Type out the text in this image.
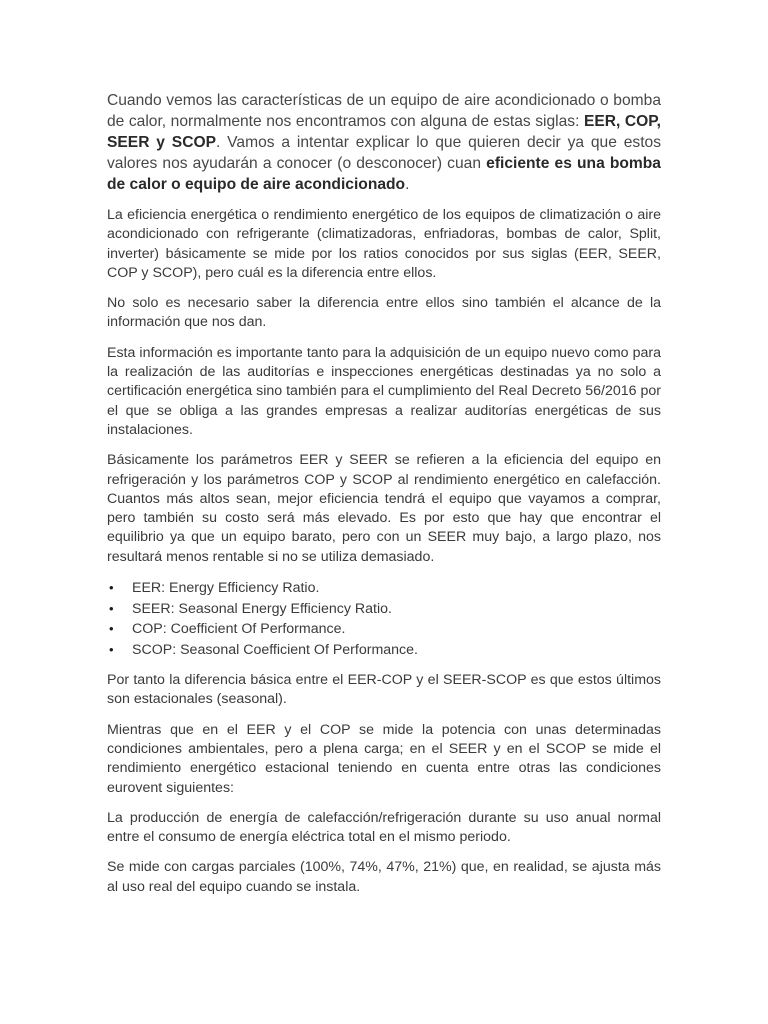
Cuando vemos las características de un equipo de aire acondicionado o bomba de calor, normalmente nos encontramos con alguna de estas siglas: EER, COP, SEER y SCOP. Vamos a intentar explicar lo que quieren decir ya que estos valores nos ayudarán a conocer (o desconocer) cuan eficiente es una bomba de calor o equipo de aire acondicionado.

La eficiencia energética o rendimiento energético de los equipos de climatización o aire acondicionado con refrigerante (climatizadoras, enfriadoras, bombas de calor, Split, inverter) básicamente se mide por los ratios conocidos por sus siglas (EER, SEER, COP y SCOP), pero cuál es la diferencia entre ellos.

No solo es necesario saber la diferencia entre ellos sino también el alcance de la información que nos dan.

Esta información es importante tanto para la adquisición de un equipo nuevo como para la realización de las auditorías e inspecciones energéticas destinadas ya no solo a certificación energética sino también para el cumplimiento del Real Decreto 56/2016 por el que se obliga a las grandes empresas a realizar auditorías energéticas de sus instalaciones.

Básicamente los parámetros EER y SEER se refieren a la eficiencia del equipo en refrigeración y los parámetros COP y SCOP al rendimiento energético en calefacción. Cuantos más altos sean, mejor eficiencia tendrá el equipo que vayamos a comprar, pero también su costo será más elevado. Es por esto que hay que encontrar el equilibrio ya que un equipo barato, pero con un SEER muy bajo, a largo plazo, nos resultará menos rentable si no se utiliza demasiado.

• EER: Energy Efficiency Ratio.
• SEER: Seasonal Energy Efficiency Ratio.
• COP: Coefficient Of Performance.
• SCOP: Seasonal Coefficient Of Performance.

Por tanto la diferencia básica entre el EER-COP y el SEER-SCOP es que estos últimos son estacionales (seasonal).

Mientras que en el EER y el COP se mide la potencia con unas determinadas condiciones ambientales, pero a plena carga; en el SEER y en el SCOP se mide el rendimiento energético estacional teniendo en cuenta entre otras las condiciones eurovent siguientes:

La producción de energía de calefacción/refrigeración durante su uso anual normal entre el consumo de energía eléctrica total en el mismo periodo.

Se mide con cargas parciales (100%, 74%, 47%, 21%) que, en realidad, se ajusta más al uso real del equipo cuando se instala.
